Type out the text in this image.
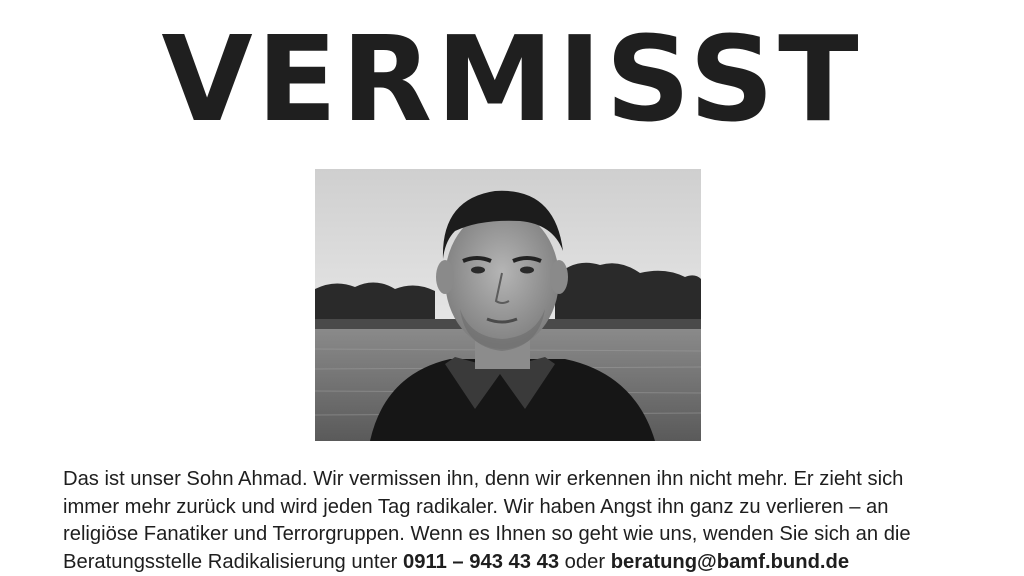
VERMISST

Das ist unser Sohn Ahmad. Wir vermissen ihn, denn wir erkennen ihn nicht mehr. Er zieht sich
immer mehr zurück und wird jeden Tag radikaler. Wir haben Angst ihn ganz zu verlieren – an
religiöse Fanatiker und Terrorgruppen. Wenn es Ihnen so geht wie uns, wenden Sie sich an die
Beratungsstelle Radikalisierung unter 0911 – 943 43 43 oder beratung@bamf.bund.de
